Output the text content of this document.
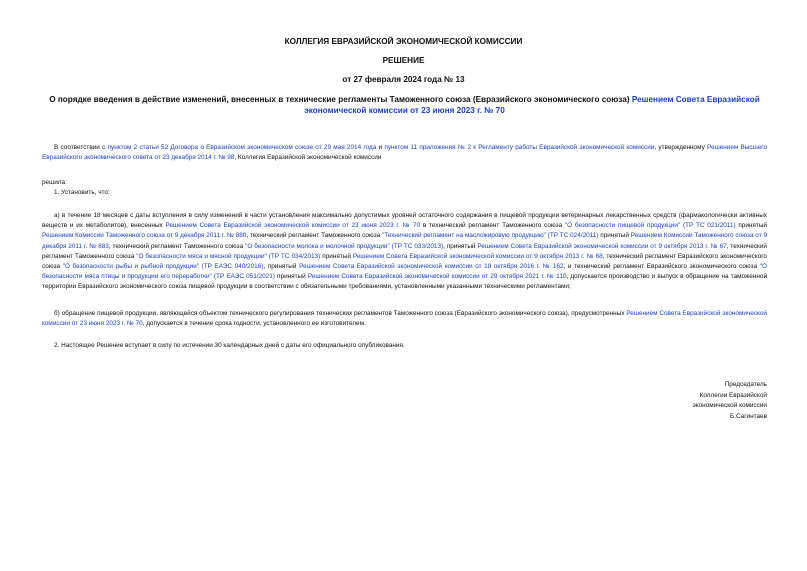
КОЛЛЕГИЯ ЕВРАЗИЙСКОЙ ЭКОНОМИЧЕСКОЙ КОМИССИИ
РЕШЕНИЕ
от 27 февраля 2024 года № 13
О порядке введения в действие изменений, внесенных в технические регламенты Таможенного союза (Евразийского экономического союза) Решением Совета Евразийской экономической комиссии от 23 июня 2023 г. № 70
В соответствии с пунктом 2 статьи 52 Договора о Евразийском экономическом союзе от 29 мая 2014 года и пунктом 11 приложения № 2 к Регламенту работы Евразийской экономической комиссии, утвержденному Решением Высшего Евразийского экономического совета от 23 декабря 2014 г. № 98, Коллегия Евразийской экономической комиссии
решила:
1. Установить, что:
а) в течение 18 месяцев с даты вступления в силу изменений в части установления максимально допустимых уровней остаточного содержания в пищевой продукции ветеринарных лекарственных средств (фармакологически активных веществ и их метаболитов), внесенных Решением Совета Евразийской экономической комиссии от 23 июня 2023 г. № 70 в технический регламент Таможенного союза "О безопасности пищевой продукции" (ТР ТС 021/2011) принятый Решением Комиссии Таможенного союза от 9 декабря 2011 г. № 880, технический регламент Таможенного союза "Технический регламент на масложировую продукцию" (ТР ТС 024/2011) принятый Решением Комиссии Таможенного союза от 9 декабря 2011 г. № 883, технический регламент Таможенного союза "О безопасности молока и молочной продукции" (ТР ТС 033/2013), принятый Решением Совета Евразийской экономической комиссии от 9 октября 2013 г. № 67, технический регламент Таможенного союза "О безопасности мяса и мясной продукции" (ТР ТС 034/2013) принятый Решением Совета Евразийской экономической комиссии от 9 октября 2013 г. № 68, технический регламент Евразийского экономического союза "О безопасности рыбы и рыбной продукции" (ТР ЕАЭС 040/2016), принятый Решением Совета Евразийской экономической комиссии от 18 октября 2016 г. № 162, и технический регламент Евразийского экономического союза "О безопасности мяса птицы и продукции его переработки" (ТР ЕАЭС 051/2021) принятый Решением Совета Евразийской экономической комиссии от 29 октября 2021 г. № 110, допускается производство и выпуск в обращение на таможенной территории Евразийского экономического союза пищевой продукции в соответствии с обязательными требованиями, установленными указанными техническими регламентами;
б) обращение пищевой продукции, являющейся объектом технического регулирования технических регламентов Таможенного союза (Евразийского экономического союза), предусмотренных Решением Совета Евразийской экономической комиссии от 23 июня 2023 г. № 70, допускается в течение срока годности, установленного ее изготовителем.
2. Настоящее Решение вступает в силу по истечении 30 календарных дней с даты его официального опубликования.
Председатель
Коллегии Евразийской
экономической комиссии
Б.Сагинтаев
